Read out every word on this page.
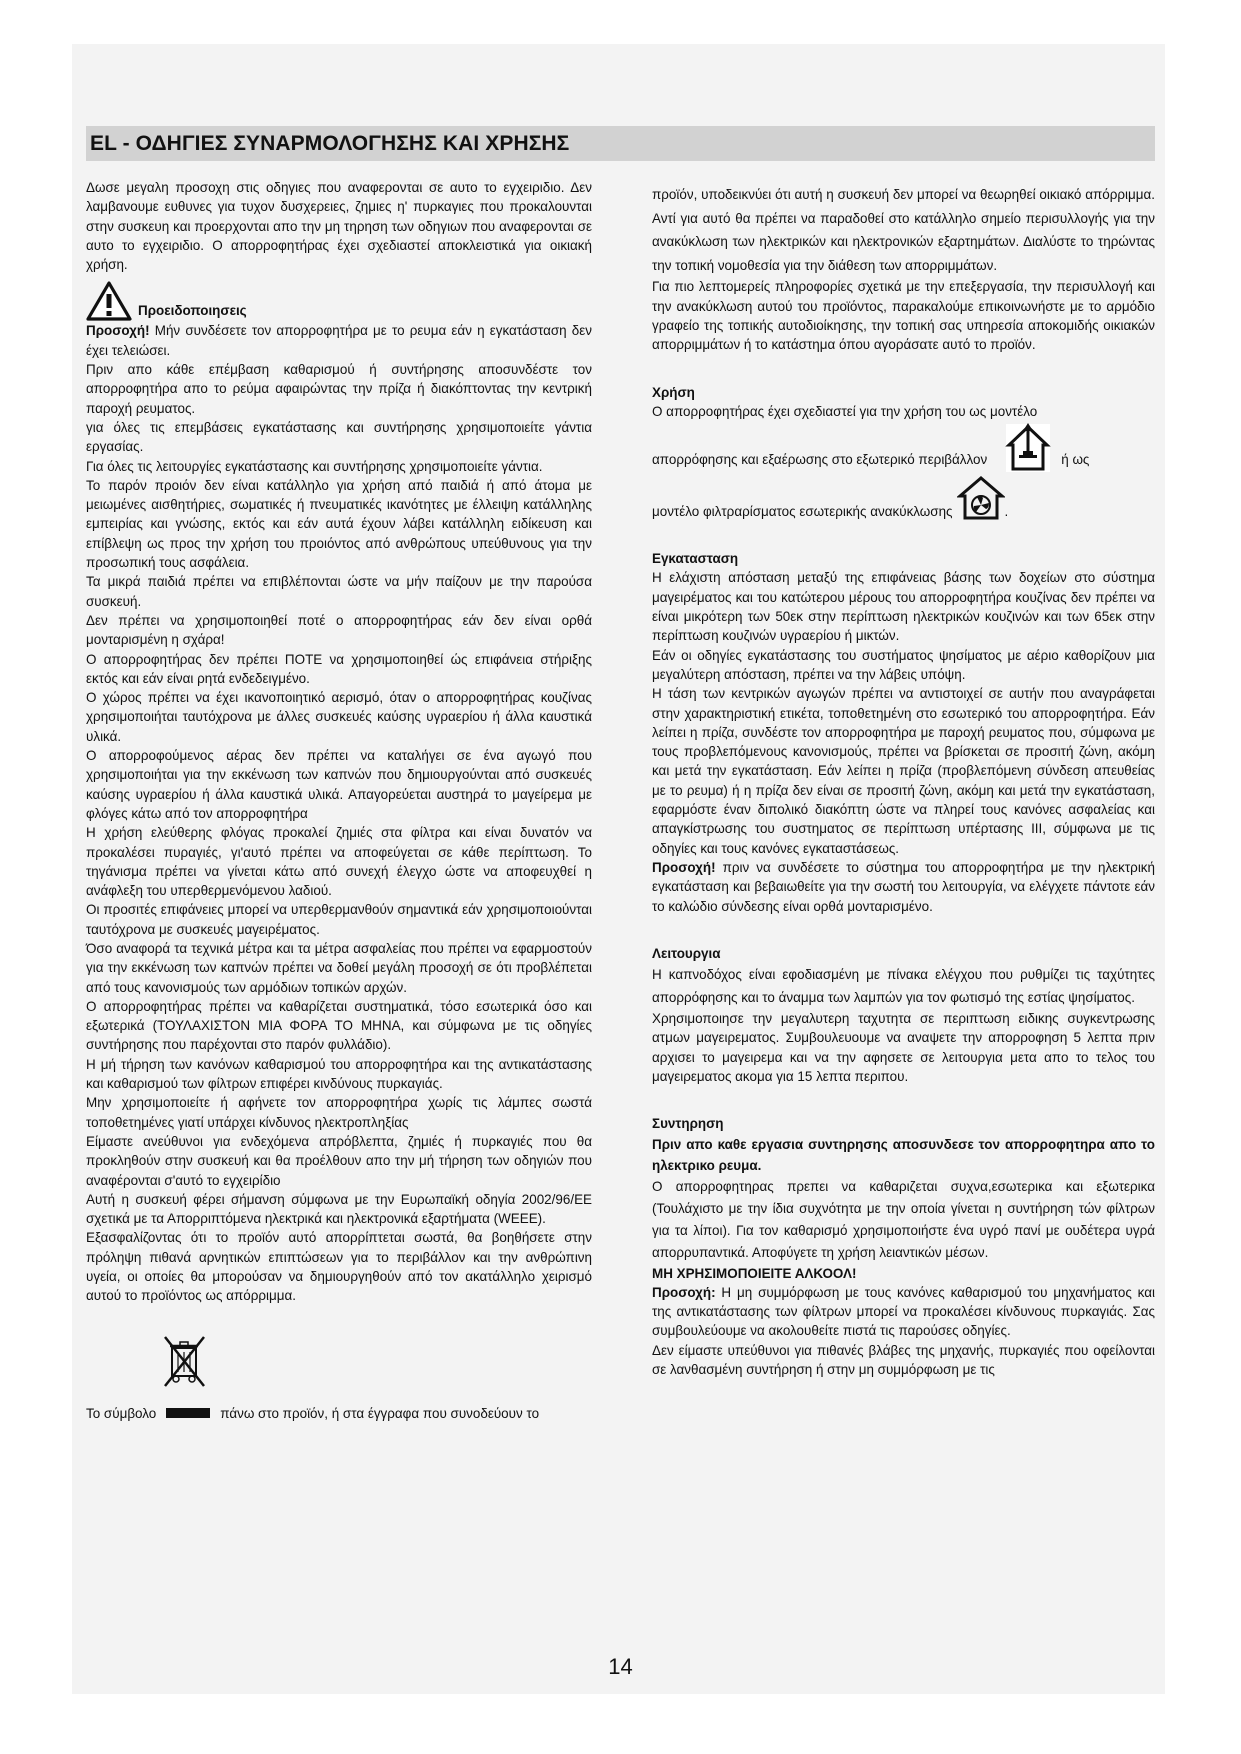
EL - ΟΔΗΓΙΕΣ ΣΥΝΑΡΜΟΛΟΓΗΣΗΣ ΚΑΙ ΧΡΗΣΗΣ

Δωσε μεγαλη προσοχη στις οδηγιες που αναφερονται σε αυτο το εγχειριδιο. Δεν λαμβανουμε ευθυνες για τυχον δυσχερειες, ζημιες η' πυρκαγιες που προκαλουνται στην συσκευη και προερχονται απο την μη τηρηση των οδηγιων που αναφερονται σε αυτο το εγχειριδιο. Ο απορροφητήρας έχει σχεδιαστεί αποκλειστικά για οικιακή χρήση.

Προειδοποιησεις

Προσοχή! Μήν συνδέσετε τον απορροφητήρα με το ρευμα εάν η εγκατάσταση δεν έχει τελειώσει.

Πριν απο κάθε επέμβαση καθαρισμού ή συντήρησης αποσυνδέστε τον απορροφητήρα απο το ρεύμα αφαιρώντας την πρίζα ή διακόπτοντας την κεντρική παροχή ρευματος.

για όλες τις επεμβάσεις εγκατάστασης και συντήρησης χρησιμοποιείτε γάντια εργασίας.

Για όλες τις λειτουργίες εγκατάστασης και συντήρησης χρησιμοποιείτε γάντια.

Το παρόν προιόν δεν είναι κατάλληλο για χρήση από παιδιά ή από άτομα με μειωμένες αισθητήριες, σωματικές ή πνευματικές ικανότητες με έλλειψη κατάλληλης εμπειρίας και γνώσης, εκτός και εάν αυτά έχουν λάβει κατάλληλη ειδίκευση και επίβλεψη ως προς την χρήση του προιόντος από ανθρώπους υπεύθυνους για την προσωπική τους ασφάλεια.

Τα μικρά παιδιά πρέπει να επιβλέπονται ώστε να μήν παίζουν με την παρούσα συσκευή.

Δεν πρέπει να χρησιμοποιηθεί ποτέ ο απορροφητήρας εάν δεν είναι ορθά μονταρισμένη η σχάρα!

Ο απορροφητήρας δεν πρέπει ΠΟΤΕ να χρησιμοποιηθεί ώς επιφάνεια στήριξης εκτός και εάν είναι ρητά ενδεδειγμένο.

Ο χώρος πρέπει να έχει ικανοποιητικό αερισμό, όταν ο απορροφητήρας κουζίνας χρησιμοποιήται ταυτόχρονα με άλλες συσκευές καύσης υγραερίου ή άλλα καυστικά υλικά.

Ο απορροφούμενος αέρας δεν πρέπει να καταλήγει σε ένα αγωγό που χρησιμοποιήται για την εκκένωση των καπνών που δημιουργούνται από συσκευές καύσης υγραερίου ή άλλα καυστικά υλικά. Απαγορεύεται αυστηρά το μαγείρεμα με φλόγες κάτω από τον απορροφητήρα

Η χρήση ελεύθερης φλόγας προκαλεί ζημιές στα φίλτρα και είναι δυνατόν να προκαλέσει πυραγιές, γι'αυτό πρέπει να αποφεύγεται σε κάθε περίπτωση. Το τηγάνισμα πρέπει να γίνεται κάτω από συνεχή έλεγχο ώστε να αποφευχθεί η ανάφλεξη του υπερθερμενόμενου λαδιού.

Οι προσιτές επιφάνειες μπορεί να υπερθερμανθούν σημαντικά εάν χρησιμοποιούνται ταυτόχρονα με συσκευές μαγειρέματος.

Όσο αναφορά τα τεχνικά μέτρα και τα μέτρα ασφαλείας που πρέπει να εφαρμοστούν για την εκκένωση των καπνών πρέπει να δοθεί μεγάλη προσοχή σε ότι προβλέπεται από τους κανονισμούς των αρμόδιων τοπικών αρχών.

Ο απορροφητήρας πρέπει να καθαρίζεται συστηματικά, τόσο εσωτερικά όσο και εξωτερικά (ΤΟΥΛΑΧΙΣΤΟΝ ΜΙΑ ΦΟΡΑ ΤΟ ΜΗΝΑ, και σύμφωνα με τις οδηγίες συντήρησης που παρέχονται στο παρόν φυλλάδιο).

Η μή τήρηση των κανόνων καθαρισμού του απορροφητήρα και της αντικατάστασης και καθαρισμού των φίλτρων επιφέρει κινδύνους πυρκαγιάς.

Μην χρησιμοποιείτε ή αφήνετε τον απορροφητήρα χωρίς τις λάμπες σωστά τοποθετημένες γιατί υπάρχει κίνδυνος ηλεκτροπληξίας

Είμαστε ανεύθυνοι για ενδεχόμενα απρόβλεπτα, ζημιές ή πυρκαγιές που θα προκληθούν στην συσκευή και θα προέλθουν απο την μή τήρηση των οδηγιών που αναφέρονται σ'αυτό το εγχειρίδιο

Αυτή η συσκευή φέρει σήμανση σύμφωνα με την Ευρωπαϊκή οδηγία 2002/96/ΕΕ σχετικά με τα Απορριπτόμενα ηλεκτρικά και ηλεκτρονικά εξαρτήματα (WEEE).

Εξασφαλίζοντας ότι το προϊόν αυτό απορρίπτεται σωστά, θα βοηθήσετε στην πρόληψη πιθανά αρνητικών επιπτώσεων για το περιβάλλον και την ανθρώπινη υγεία, οι οποίες θα μπορούσαν να δημιουργηθούν από τον ακατάλληλο χειρισμό αυτού το προϊόντος ως απόρριμμα.

Το σύμβολο	πάνω στο προϊόν, ή στα έγγραφα που συνοδεύουν το

προϊόν, υποδεικνύει ότι αυτή η συσκευή δεν μπορεί να θεωρηθεί οικιακό απόρριμμα. Αντί για αυτό θα πρέπει να παραδοθεί στο κατάλληλο σημείο περισυλλογής για την ανακύκλωση των ηλεκτρικών και ηλεκτρονικών εξαρτημάτων. Διαλύστε το τηρώντας την τοπική νομοθεσία για την διάθεση των απορριμμάτων.

Για πιο λεπτομερείς πληροφορίες σχετικά με την επεξεργασία, την περισυλλογή και την ανακύκλωση αυτού του προϊόντος, παρακαλούμε επικοινωνήστε με το αρμόδιο γραφείο της τοπικής αυτοδιοίκησης, την τοπική σας υπηρεσία αποκομιδής οικιακών απορριμμάτων ή το κατάστημα όπου αγοράσατε αυτό το προϊόν.

Χρήση

Ο απορροφητήρας έχει σχεδιαστεί για την χρήση του ως μοντέλο

απορρόφησης και εξαέρωσης στο εξωτερικό περιβάλλον	ή ως
μοντέλο φιλτραρίσματος εσωτερικής ανακύκλωσης	.

Εγκατασταση

Η ελάχιστη απόσταση μεταξύ της επιφάνειας βάσης των δοχείων στο σύστημα μαγειρέματος και του κατώτερου μέρους του απορροφητήρα κουζίνας δεν πρέπει να είναι μικρότερη των 50εκ στην περίπτωση ηλεκτρικών κουζινών και των 65εκ στην περίπτωση κουζινών υγραερίου ή μικτών.

Εάν οι οδηγίες εγκατάστασης του συστήματος ψησίματος με αέριο καθορίζουν μια μεγαλύτερη απόσταση, πρέπει να την λάβεις υπόψη.

Η τάση των κεντρικών αγωγών πρέπει να αντιστοιχεί σε αυτήν που αναγράφεται στην χαρακτηριστική ετικέτα, τοποθετημένη στο εσωτερικό του απορροφητήρα. Εάν λείπει η πρίζα, συνδέστε τον απορροφητήρα με παροχή ρευματος που, σύμφωνα με τους προβλεπόμενους κανονισμούς, πρέπει να βρίσκεται σε προσιτή ζώνη, ακόμη και μετά την εγκατάσταση. Εάν λείπει η πρίζα (προβλεπόμενη σύνδεση απευθείας με το ρευμα) ή η πρίζα δεν είναι σε προσιτή ζώνη, ακόμη και μετά την εγκατάσταση, εφαρμόστε έναν διπολικό διακόπτη ώστε να πληρεί τους κανόνες ασφαλείας και απαγκίστρωσης του συστηματος σε περίπτωση υπέρτασης ΙΙΙ, σύμφωνα με τις οδηγίες και τους κανόνες εγκαταστάσεως.

Προσοχή! πριν να συνδέσετε το σύστημα του απορροφητήρα με την ηλεκτρική εγκατάσταση και βεβαιωθείτε για την σωστή του λειτουργία, να ελέγχετε πάντοτε εάν το καλώδιο σύνδεσης είναι ορθά μονταρισμένο.

Λειτουργια

Η καπνοδόχος είναι εφοδιασμένη με πίνακα ελέγχου που ρυθμίζει τις ταχύτητες απορρόφησης και το άναμμα των λαμπών για τον φωτισμό της εστίας ψησίματος.

Χρησιμοποιησε την μεγαλυτερη ταχυτητα σε περιπτωση ειδικης συγκεντρωσης ατμων μαγειρεματος. Συμβουλευουμε να αναψετε την απορροφηση 5 λεπτα πριν αρχισει το μαγειρεμα και να την αφησετε σε λειτουργια μετα απο το τελος του μαγειρεματος ακομα για 15 λεπτα περιπου.

Συντηρηση

Πριν απο καθε εργασια συντηρησης αποσυνδεσε τον απορροφητηρα απο το ηλεκτρικο ρευμα.

Ο απορροφητηρας πρεπει να καθαριζεται συχνα,εσωτερικα και εξωτερικα (Τουλάχιστο με την ίδια συχνότητα με την οποία γίνεται η συντήρηση τών φίλτρων για τα λίποι). Για τον καθαρισμό χρησιμοποιήστε ένα υγρό πανί με ουδέτερα υγρά απορρυπαντικά. Αποφύγετε τη χρήση λειαντικών μέσων.

ΜΗ ΧΡΗΣΙΜΟΠΟΙΕΙΤΕ ΑΛΚΟΟΛ!

Προσοχή: Η μη συμμόρφωση με τους κανόνες καθαρισμού του μηχανήματος και της αντικατάστασης των φίλτρων μπορεί να προκαλέσει κίνδυνους πυρκαγιάς. Σας συμβουλεύουμε να ακολουθείτε πιστά τις παρούσες οδηγίες.

Δεν είμαστε υπεύθυνοι για πιθανές βλάβες της μηχανής, πυρκαγιές που οφείλονται σε λανθασμένη συντήρηση ή στην μη συμμόρφωση με τις

14
